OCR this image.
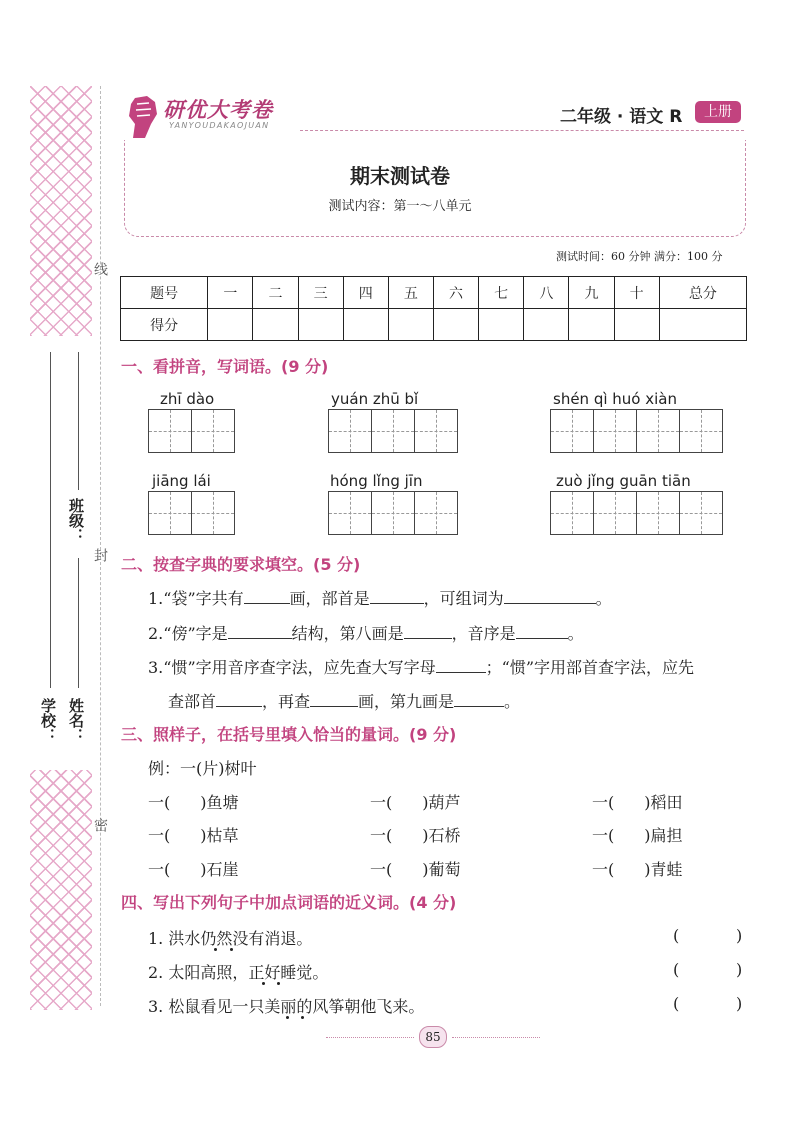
线
封
密
班级：
学校： 姓名：
研优大考卷
YANYOUDAKAOJUAN	二年级 · 语文 R	上册
期末测试卷
测试内容：第一～八单元
测试时间：60 分钟 满分：100 分
题号	一	二	三	四	五	六	七	八	九	十	总分
得分											
一、看拼音，写词语。(9 分)
zhī dào	yuán zhū bǐ	shén qì huó xiàn
jiāng lái	hóng lǐng jīn	zuò jǐng guān tiān
二、按查字典的要求填空。(5 分)
1.“袋”字共有	画，部首是	，可组词为	。
2.“傍”字是	结构，第八画是	，音序是	。
3.“惯”字用音序查字法，应先查大写字母	；“惯”字用部首查字法，应先
查部首	，再查	画，第九画是	。
三、照样子，在括号里填入恰当的量词。(9 分)
例：一(片)树叶
一( )鱼塘	一( )葫芦	一( )稻田
一( )枯草	一( )石桥	一( )扁担
一( )石崖	一( )葡萄	一( )青蛙
四、写出下列句子中加点词语的近义词。(4 分)
1. 洪水仍然没有消退。	(	)
2. 太阳高照，正好睡觉。	(	)
3. 松鼠看见一只美丽的风筝朝他飞来。	(	)
85
